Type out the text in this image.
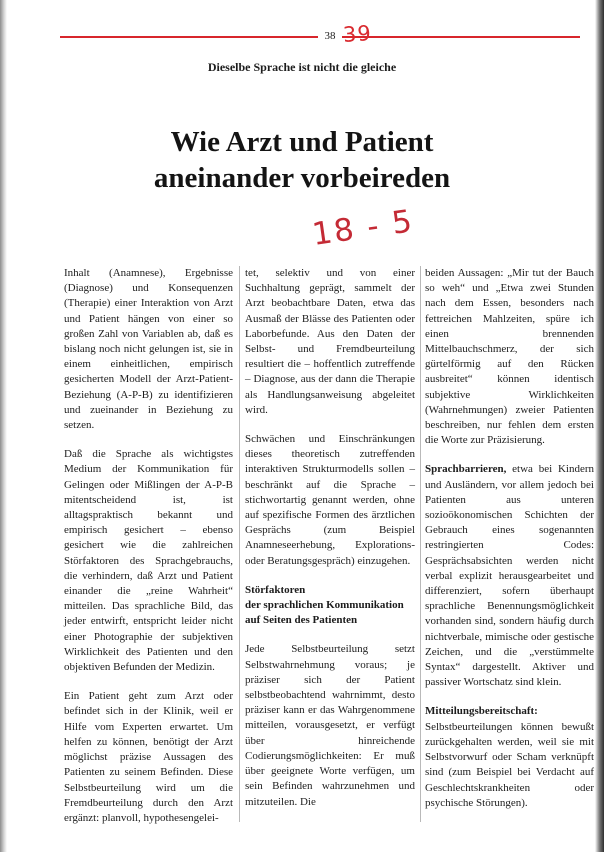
38 39
Dieselbe Sprache ist nicht die gleiche
Wie Arzt und Patient
aneinander vorbeireden
18 - 5

Inhalt (Anamnese), Ergebnisse (Diagnose) und Konsequenzen (Therapie) einer Interaktion von Arzt und Patient hängen von einer so großen Zahl von Variablen ab, daß es bislang noch nicht gelungen ist, sie in einem einheitlichen, empirisch gesicherten Modell der Arzt-Patient-Beziehung (A-P-B) zu identifizieren und zueinander in Beziehung zu setzen.

Daß die Sprache als wichtigstes Medium der Kommunikation für Gelingen oder Mißlingen der A-P-B mitentscheidend ist, ist alltagspraktisch bekannt und empirisch gesichert – ebenso gesichert wie die zahlreichen Störfaktoren des Sprachgebrauchs, die verhindern, daß Arzt und Patient einander die „reine Wahrheit“ mitteilen. Das sprachliche Bild, das jeder entwirft, entspricht leider nicht einer Photographie der subjektiven Wirklichkeit des Patienten und den objektiven Befunden der Medizin.

Ein Patient geht zum Arzt oder befindet sich in der Klinik, weil er Hilfe vom Experten erwartet. Um helfen zu können, benötigt der Arzt möglichst präzise Aussagen des Patienten zu seinem Befinden. Diese Selbstbeurteilung wird um die Fremdbeurteilung durch den Arzt ergänzt: planvoll, hypothesengelei-

tet, selektiv und von einer Suchhaltung geprägt, sammelt der Arzt beobachtbare Daten, etwa das Ausmaß der Blässe des Patienten oder Laborbefunde. Aus den Daten der Selbst- und Fremdbeurteilung resultiert die – hoffentlich zutreffende – Diagnose, aus der dann die Therapie als Handlungsanweisung abgeleitet wird.

Schwächen und Einschränkungen dieses theoretisch zutreffenden interaktiven Strukturmodells sollen – beschränkt auf die Sprache – stichwortartig genannt werden, ohne auf spezifische Formen des ärztlichen Gesprächs (zum Beispiel Anamneseerhebung, Explorations- oder Beratungsgespräch) einzugehen.

Störfaktoren
der sprachlichen Kommunikation auf Seiten des Patienten

Jede Selbstbeurteilung setzt Selbstwahrnehmung voraus; je präziser sich der Patient selbstbeobachtend wahrnimmt, desto präziser kann er das Wahrgenommene mitteilen, vorausgesetzt, er verfügt über hinreichende Codierungsmöglichkeiten: Er muß über geeignete Worte verfügen, um sein Befinden wahrzunehmen und mitzuteilen. Die

beiden Aussagen: „Mir tut der Bauch so weh“ und „Etwa zwei Stunden nach dem Essen, besonders nach fettreichen Mahlzeiten, spüre ich einen brennenden Mittelbauchschmerz, der sich gürtelförmig auf den Rücken ausbreitet“ können identisch subjektive Wirklichkeiten (Wahrnehmungen) zweier Patienten beschreiben, nur fehlen dem ersten die Worte zur Präzisierung.

Sprachbarrieren, etwa bei Kindern und Ausländern, vor allem jedoch bei Patienten aus unteren sozioökonomischen Schichten der Gebrauch eines sogenannten restringierten Codes: Gesprächsabsichten werden nicht verbal explizit herausgearbeitet und differenziert, sofern überhaupt sprachliche Benennungsmöglichkeit vorhanden sind, sondern häufig durch nichtverbale, mimische oder gestische Zeichen, und die „verstümmelte Syntax“ dargestellt. Aktiver und passiver Wortschatz sind klein.

Mitteilungsbereitschaft: Selbstbeurteilungen können bewußt zurückgehalten werden, weil sie mit Selbstvorwurf oder Scham verknüpft sind (zum Beispiel bei Verdacht auf Geschlechtskrankheiten oder psychische Störungen).
